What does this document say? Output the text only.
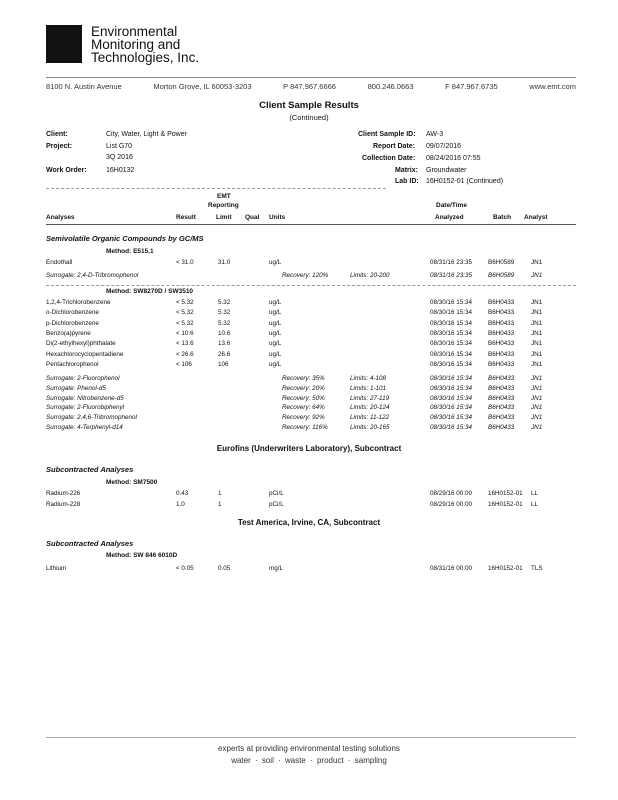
Environmental
Monitoring and
Technologies, Inc.
8100 N. Austin Avenue	Morton Grove, IL 60053-3203	P 847.967.6666	800.246.0663	F 847.967.6735	www.emt.com
Client Sample Results
(Continued)
Client:	City, Water, Light & Power
Project:	List G70
3Q 2016
Work Order:	16H0132
Client Sample ID: AW-3
Report Date: 09/07/2016
Collection Date: 08/24/2016 07:55
Matrix: Groundwater
Lab ID: 16H0152-01 (Continued)
EMT
Reporting	Date/Time
Analyses	Result	Limit Qual Units	Analyzed	Batch Analyst
Semivolatile Organic Compounds by GC/MS
Method: E515.1
Endothall	< 31.0	31.0	ug/L	08/31/16 23:35	B6H0589	JN1
Surrogate: 2,4-D-Tribromophenol	Recovery: 120%	Limits: 20-200	08/31/16 23:35	B6H0589	JN1
Method: SW8270D / SW3510
1,2,4-Trichlorobenzene	< 5.32	5.32	ug/L	08/30/16 15:34	B6H0433	JN1
o-Dichlorobenzene	< 5.32	5.32	ug/L	08/30/16 15:34	B6H0433	JN1
p-Dichlorobenzene	< 5.32	5.32	ug/L	08/30/16 15:34	B6H0433	JN1
Benzo(a)pyrene	< 10.6	10.6	ug/L	08/30/16 15:34	B6H0433	JN1
Di(2-ethylhexyl)phthalate	< 13.6	13.6	ug/L	08/30/16 15:34	B6H0433	JN1
Hexachlorocyclopentadiene	< 26.6	26.6	ug/L	08/30/16 15:34	B6H0433	JN1
Pentachlorophenol	< 106	106	ug/L	08/30/16 15:34	B6H0433	JN1
Surrogate: 2-Fluorophenol	Recovery: 35%	Limits: 4-108	08/30/16 15:34	B6H0433	JN1
Surrogate: Phenol-d5	Recovery: 20%	Limits: 1-101	08/30/16 15:34	B6H0433	JN1
Surrogate: Nitrobenzene-d5	Recovery: 50%	Limits: 27-119	08/30/16 15:34	B6H0433	JN1
Surrogate: 2-Fluorobiphenyl	Recovery: 64%	Limits: 20-124	08/30/16 15:34	B6H0433	JN1
Surrogate: 2,4,6-Tribromophenol	Recovery: 92%	Limits: 11-122	08/30/16 15:34	B6H0433	JN1
Surrogate: 4-Terphenyl-d14	Recovery: 116%	Limits: 20-165	08/30/16 15:34	B6H0433	JN1
Eurofins (Underwriters Laboratory), Subcontract
Subcontracted Analyses
Method: SM7500
Radium-226	0.43	1	pCi/L	08/29/16 00:00	16H0152-01 LL
Radium-228	1.0	1	pCi/L	08/29/16 00:00	16H0152-01 LL
Test America, Irvine, CA, Subcontract
Subcontracted Analyses
Method: SW 846 6010D
Lithium	< 0.05	0.05	mg/L	08/31/16 00:00	16H0152-01 TLS
experts at providing environmental testing solutions
water · soil · waste · product · sampling
